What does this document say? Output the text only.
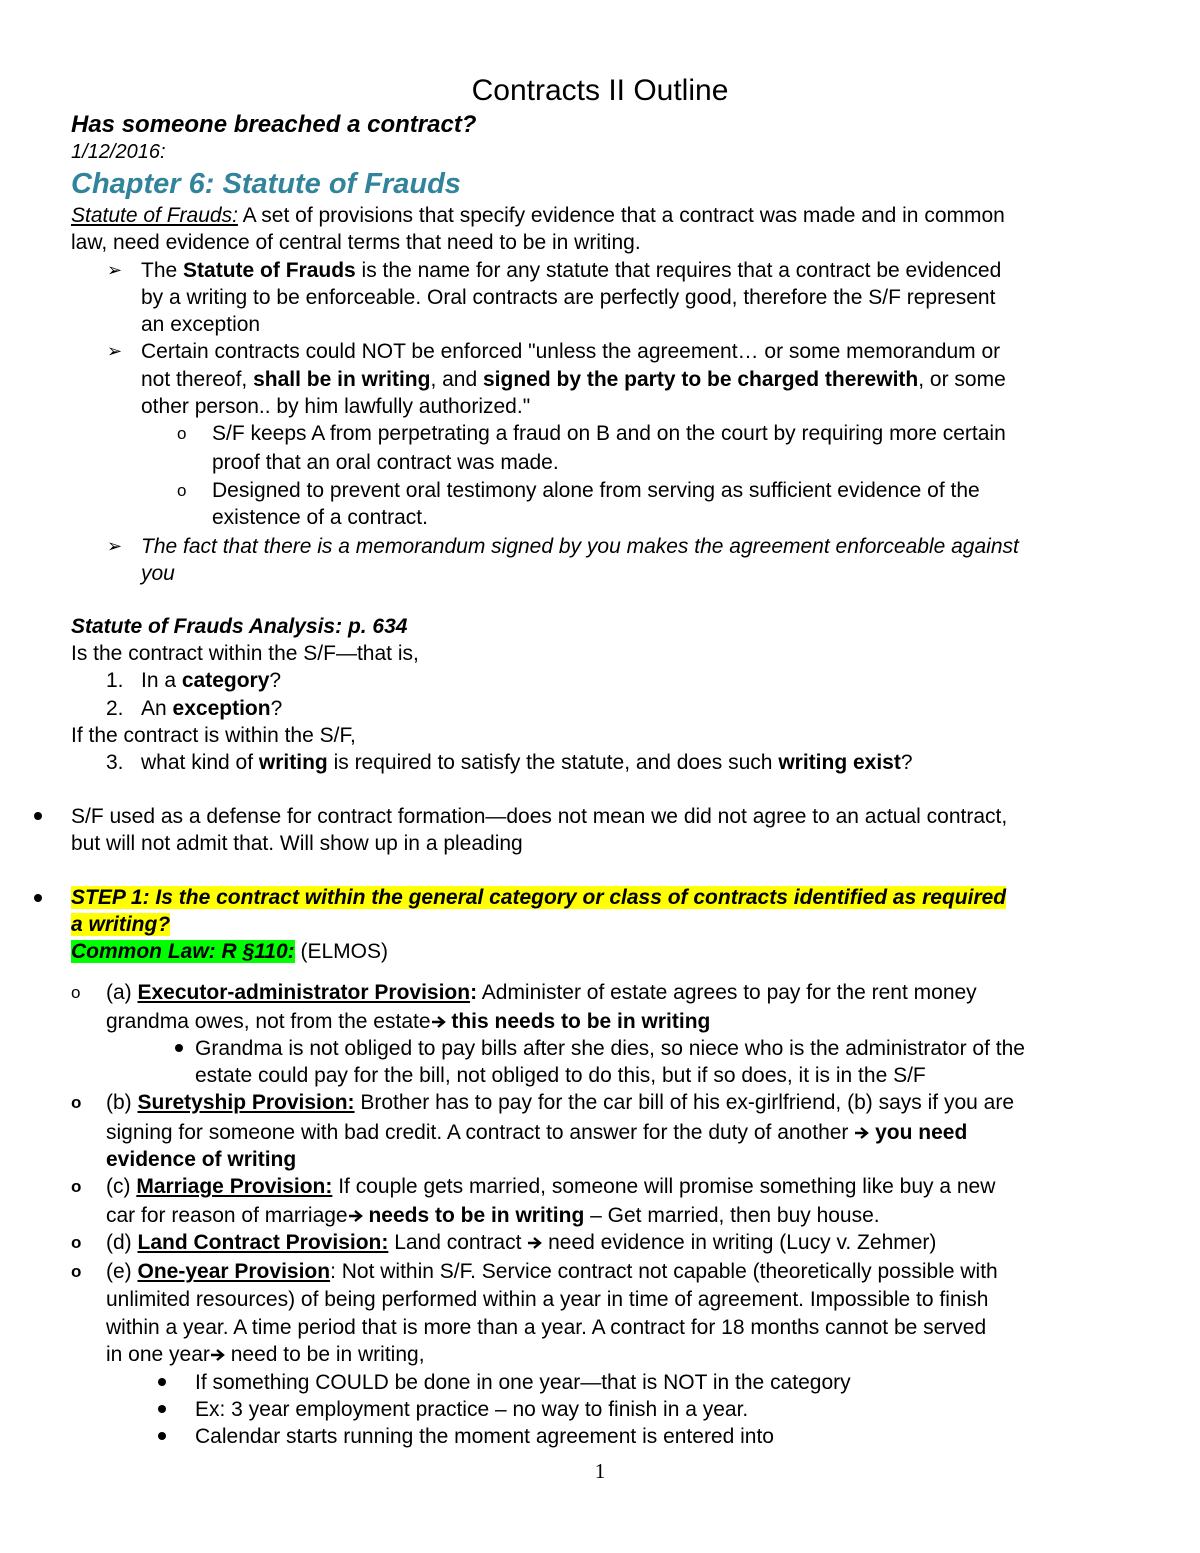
Contracts II Outline
Has someone breached a contract?
1/12/2016:
Chapter 6: Statute of Frauds
Statute of Frauds: A set of provisions that specify evidence that a contract was made and in common
law, need evidence of central terms that need to be in writing.
➢ The Statute of Frauds is the name for any statute that requires that a contract be evidenced
by a writing to be enforceable. Oral contracts are perfectly good, therefore the S/F represent
an exception
➢ Certain contracts could NOT be enforced "unless the agreement… or some memorandum or
not thereof, shall be in writing, and signed by the party to be charged therewith, or some
other person.. by him lawfully authorized."
o S/F keeps A from perpetrating a fraud on B and on the court by requiring more certain
proof that an oral contract was made.
o Designed to prevent oral testimony alone from serving as sufficient evidence of the
existence of a contract.
➢ The fact that there is a memorandum signed by you makes the agreement enforceable against
you
Statute of Frauds Analysis: p. 634
Is the contract within the S/F—that is,
1. In a category?
2. An exception?
If the contract is within the S/F,
3. what kind of writing is required to satisfy the statute, and does such writing exist?
S/F used as a defense for contract formation—does not mean we did not agree to an actual contract,
but will not admit that. Will show up in a pleading
STEP 1: Is the contract within the general category or class of contracts identified as required
a writing?
Common Law: R §110: (ELMOS)
o (a) Executor-administrator Provision: Administer of estate agrees to pay for the rent money
grandma owes, not from the estate this needs to be in writing
Grandma is not obliged to pay bills after she dies, so niece who is the administrator of the
estate could pay for the bill, not obliged to do this, but if so does, it is in the S/F
o (b) Suretyship Provision: Brother has to pay for the car bill of his ex-girlfriend, (b) says if you are
signing for someone with bad credit. A contract to answer for the duty of another  you need
evidence of writing
o (c) Marriage Provision: If couple gets married, someone will promise something like buy a new
car for reason of marriage needs to be in writing – Get married, then buy house.
o (d) Land Contract Provision: Land contract  need evidence in writing (Lucy v. Zehmer)
o (e) One-year Provision: Not within S/F. Service contract not capable (theoretically possible with
unlimited resources) of being performed within a year in time of agreement. Impossible to finish
within a year. A time period that is more than a year. A contract for 18 months cannot be served
in one year need to be in writing,
If something COULD be done in one year—that is NOT in the category
Ex: 3 year employment practice – no way to finish in a year.
Calendar starts running the moment agreement is entered into
1
